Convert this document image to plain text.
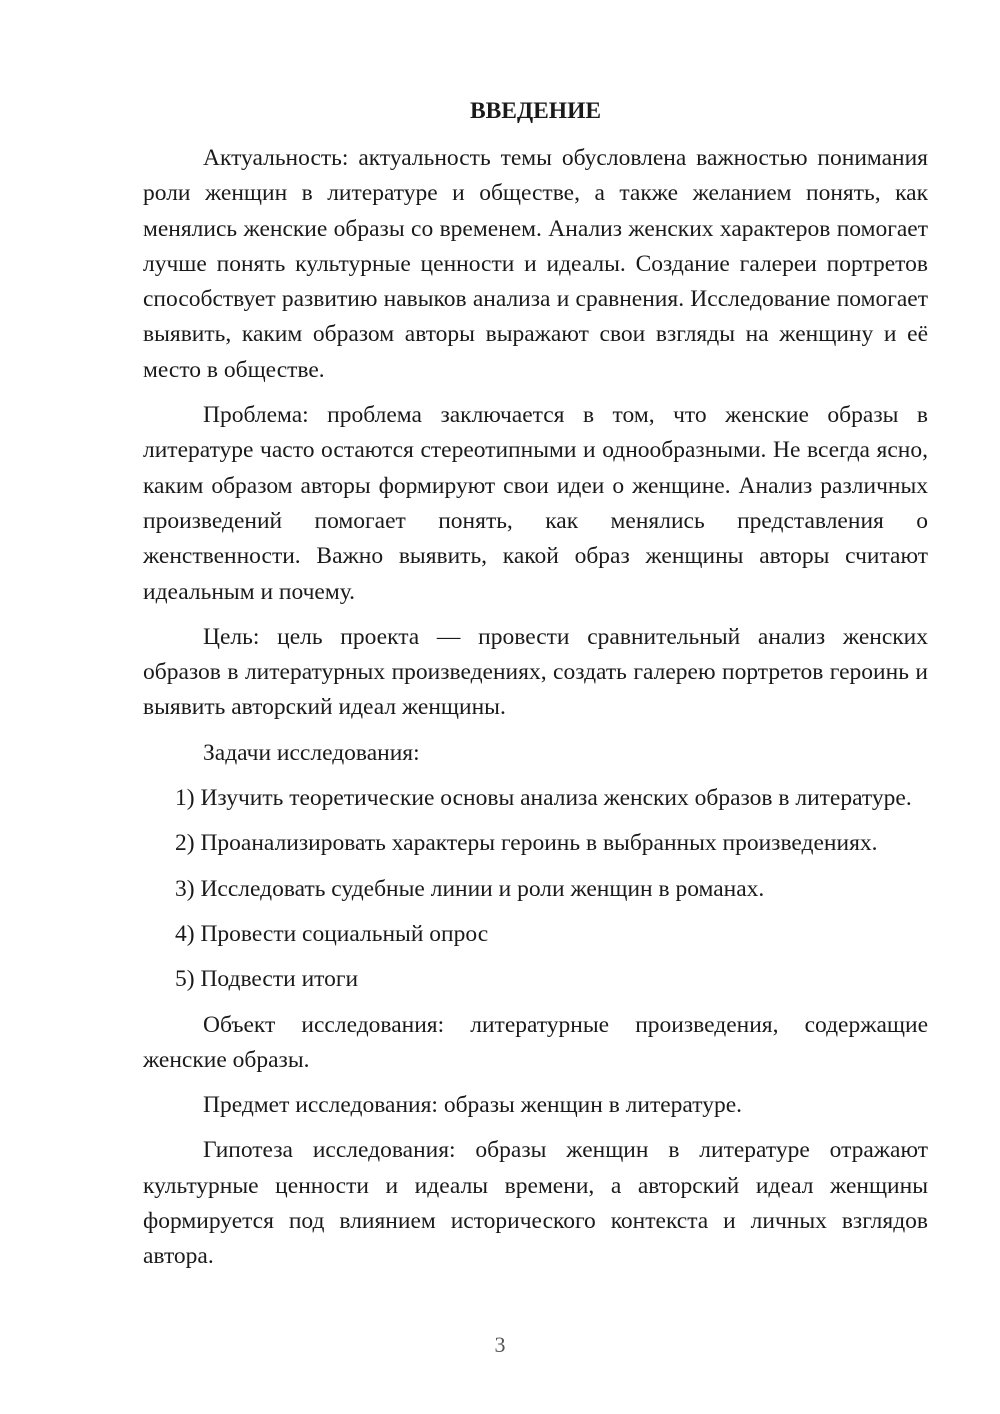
ВВЕДЕНИЕ

Актуальность: актуальность темы обусловлена важностью понимания роли женщин в литературе и обществе, а также желанием понять, как менялись женские образы со временем. Анализ женских характеров помогает лучше понять культурные ценности и идеалы. Создание галереи портретов способствует развитию навыков анализа и сравнения. Исследование помогает выявить, каким образом авторы выражают свои взгляды на женщину и её место в обществе.

Проблема: проблема заключается в том, что женские образы в литературе часто остаются стереотипными и однообразными. Не всегда ясно, каким образом авторы формируют свои идеи о женщине. Анализ различных произведений помогает понять, как менялись представления о женственности. Важно выявить, какой образ женщины авторы считают идеальным и почему.

Цель: цель проекта — провести сравнительный анализ женских образов в литературных произведениях, создать галерею портретов героинь и выявить авторский идеал женщины.

Задачи исследования:

1) Изучить теоретические основы анализа женских образов в литературе.

2) Проанализировать характеры героинь в выбранных произведениях.

3) Исследовать судебные линии и роли женщин в романах.

4) Провести социальный опрос

5) Подвести итоги

Объект исследования: литературные произведения, содержащие женские образы.

Предмет исследования: образы женщин в литературе.

Гипотеза исследования: образы женщин в литературе отражают культурные ценности и идеалы времени, а авторский идеал женщины формируется под влиянием исторического контекста и личных взглядов автора.

3
